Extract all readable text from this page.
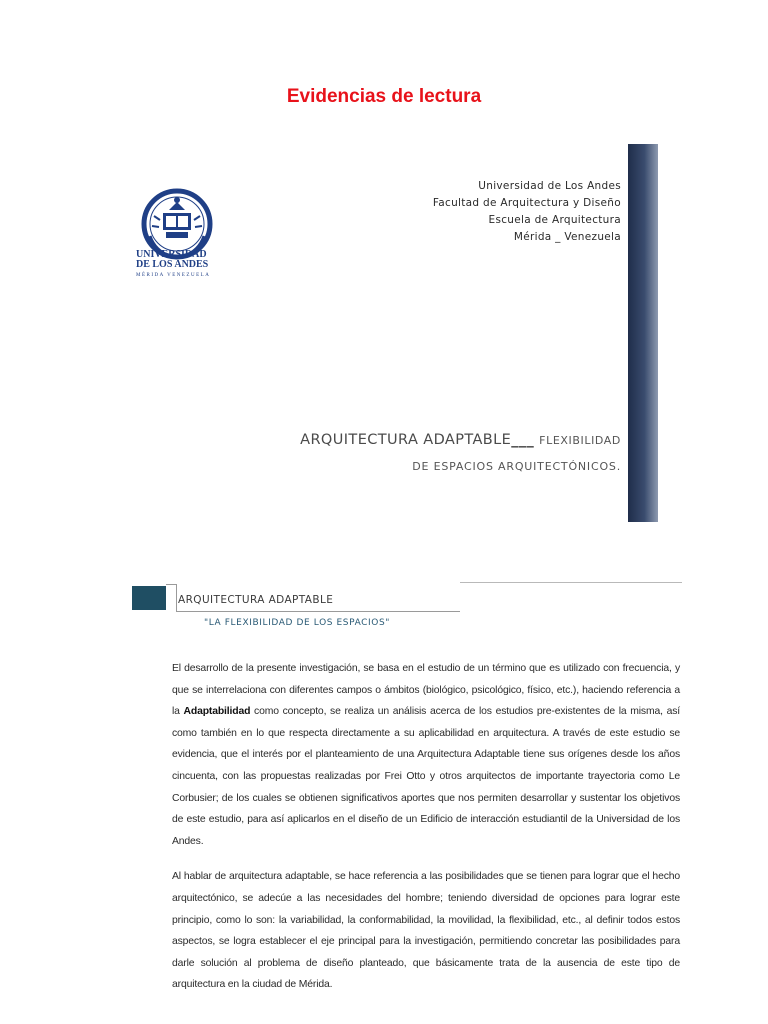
Evidencias de lectura
UNIVERSIDAD
DE LOS ANDES
MÉRIDA VENEZUELA
Universidad de Los Andes
Facultad de Arquitectura y Diseño
Escuela de Arquitectura
Mérida _ Venezuela
ARQUITECTURA ADAPTABLE___ FLEXIBILIDAD
DE ESPACIOS ARQUITECTÓNICOS.
ARQUITECTURA ADAPTABLE
"LA FLEXIBILIDAD DE LOS ESPACIOS"

El desarrollo de la presente investigación, se basa en el estudio de un término que es utilizado con frecuencia, y que se interrelaciona con diferentes campos o ámbitos (biológico, psicológico, físico, etc.), haciendo referencia a la Adaptabilidad como concepto, se realiza un análisis acerca de los estudios pre-existentes de la misma, así como también en lo que respecta directamente a su aplicabilidad en arquitectura. A través de este estudio se evidencia, que el interés por el planteamiento de una Arquitectura Adaptable tiene sus orígenes desde los años cincuenta, con las propuestas realizadas por Frei Otto y otros arquitectos de importante trayectoria como Le Corbusier; de los cuales se obtienen significativos aportes que nos permiten desarrollar y sustentar los objetivos de este estudio, para así aplicarlos en el diseño de un Edificio de interacción estudiantil de la Universidad de los Andes.

Al hablar de arquitectura adaptable, se hace referencia a las posibilidades que se tienen para lograr que el hecho arquitectónico, se adecúe a las necesidades del hombre; teniendo diversidad de opciones para lograr este principio, como lo son: la variabilidad, la conformabilidad, la movilidad, la flexibilidad, etc., al definir todos estos aspectos, se logra establecer el eje principal para la investigación, permitiendo concretar las posibilidades para darle solución al problema de diseño planteado, que básicamente trata de la ausencia de este tipo de arquitectura en la ciudad de Mérida.
